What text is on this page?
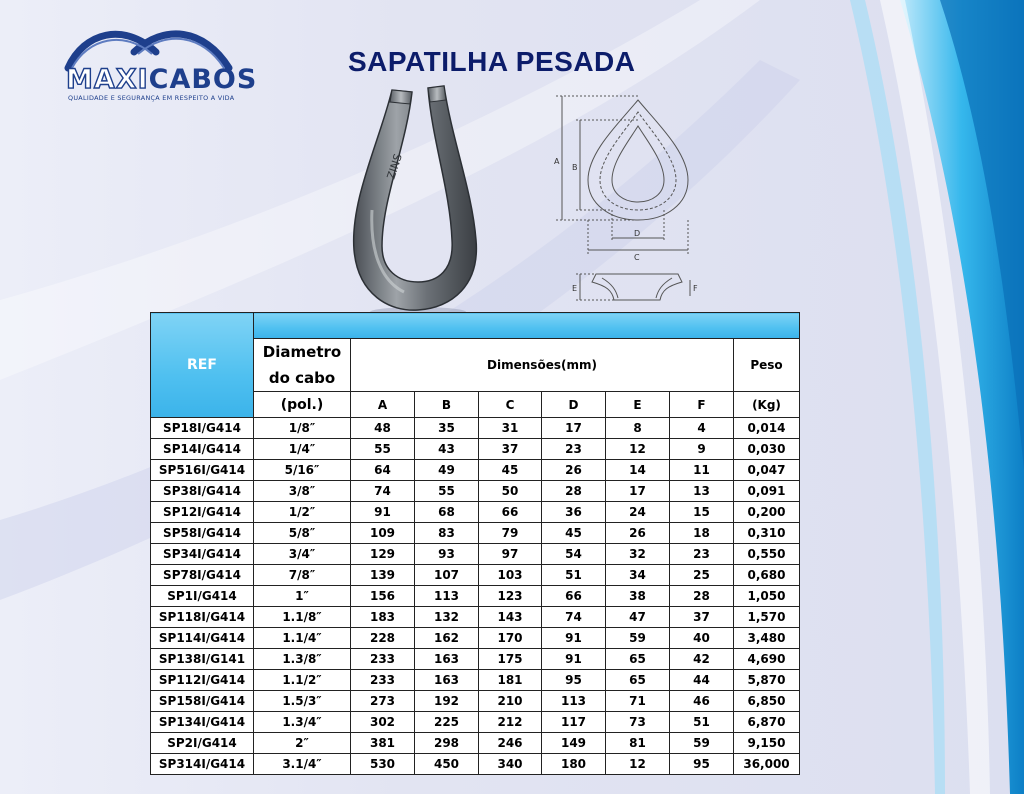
MAXICABOS
QUALIDADE E SEGURANÇA EM RESPEITO A VIDA
SAPATILHA PESADA
ZINS	A
B
D
C
E	F
REF								
	Diametro
do cabo	Dimensões(mm)						Peso

	(pol.)	A	B	C	D	E	F	(Kg)
SP18I/G414	1/8″	48	35	31	17	8	4	0,014
SP14I/G414	1/4″	55	43	37	23	12	9	0,030
SP516I/G414	5/16″	64	49	45	26	14	11	0,047
SP38I/G414	3/8″	74	55	50	28	17	13	0,091
SP12I/G414	1/2″	91	68	66	36	24	15	0,200
SP58I/G414	5/8″	109	83	79	45	26	18	0,310
SP34I/G414	3/4″	129	93	97	54	32	23	0,550
SP78I/G414	7/8″	139	107	103	51	34	25	0,680
SP1I/G414	1″	156	113	123	66	38	28	1,050
SP118I/G414	1.1/8″	183	132	143	74	47	37	1,570
SP114I/G414	1.1/4″	228	162	170	91	59	40	3,480
SP138I/G141	1.3/8″	233	163	175	91	65	42	4,690
SP112I/G414	1.1/2″	233	163	181	95	65	44	5,870
SP158I/G414	1.5/3″	273	192	210	113	71	46	6,850
SP134I/G414	1.3/4″	302	225	212	117	73	51	6,870
SP2I/G414	2″	381	298	246	149	81	59	9,150
SP314I/G414	3.1/4″	530	450	340	180	12	95	36,000
